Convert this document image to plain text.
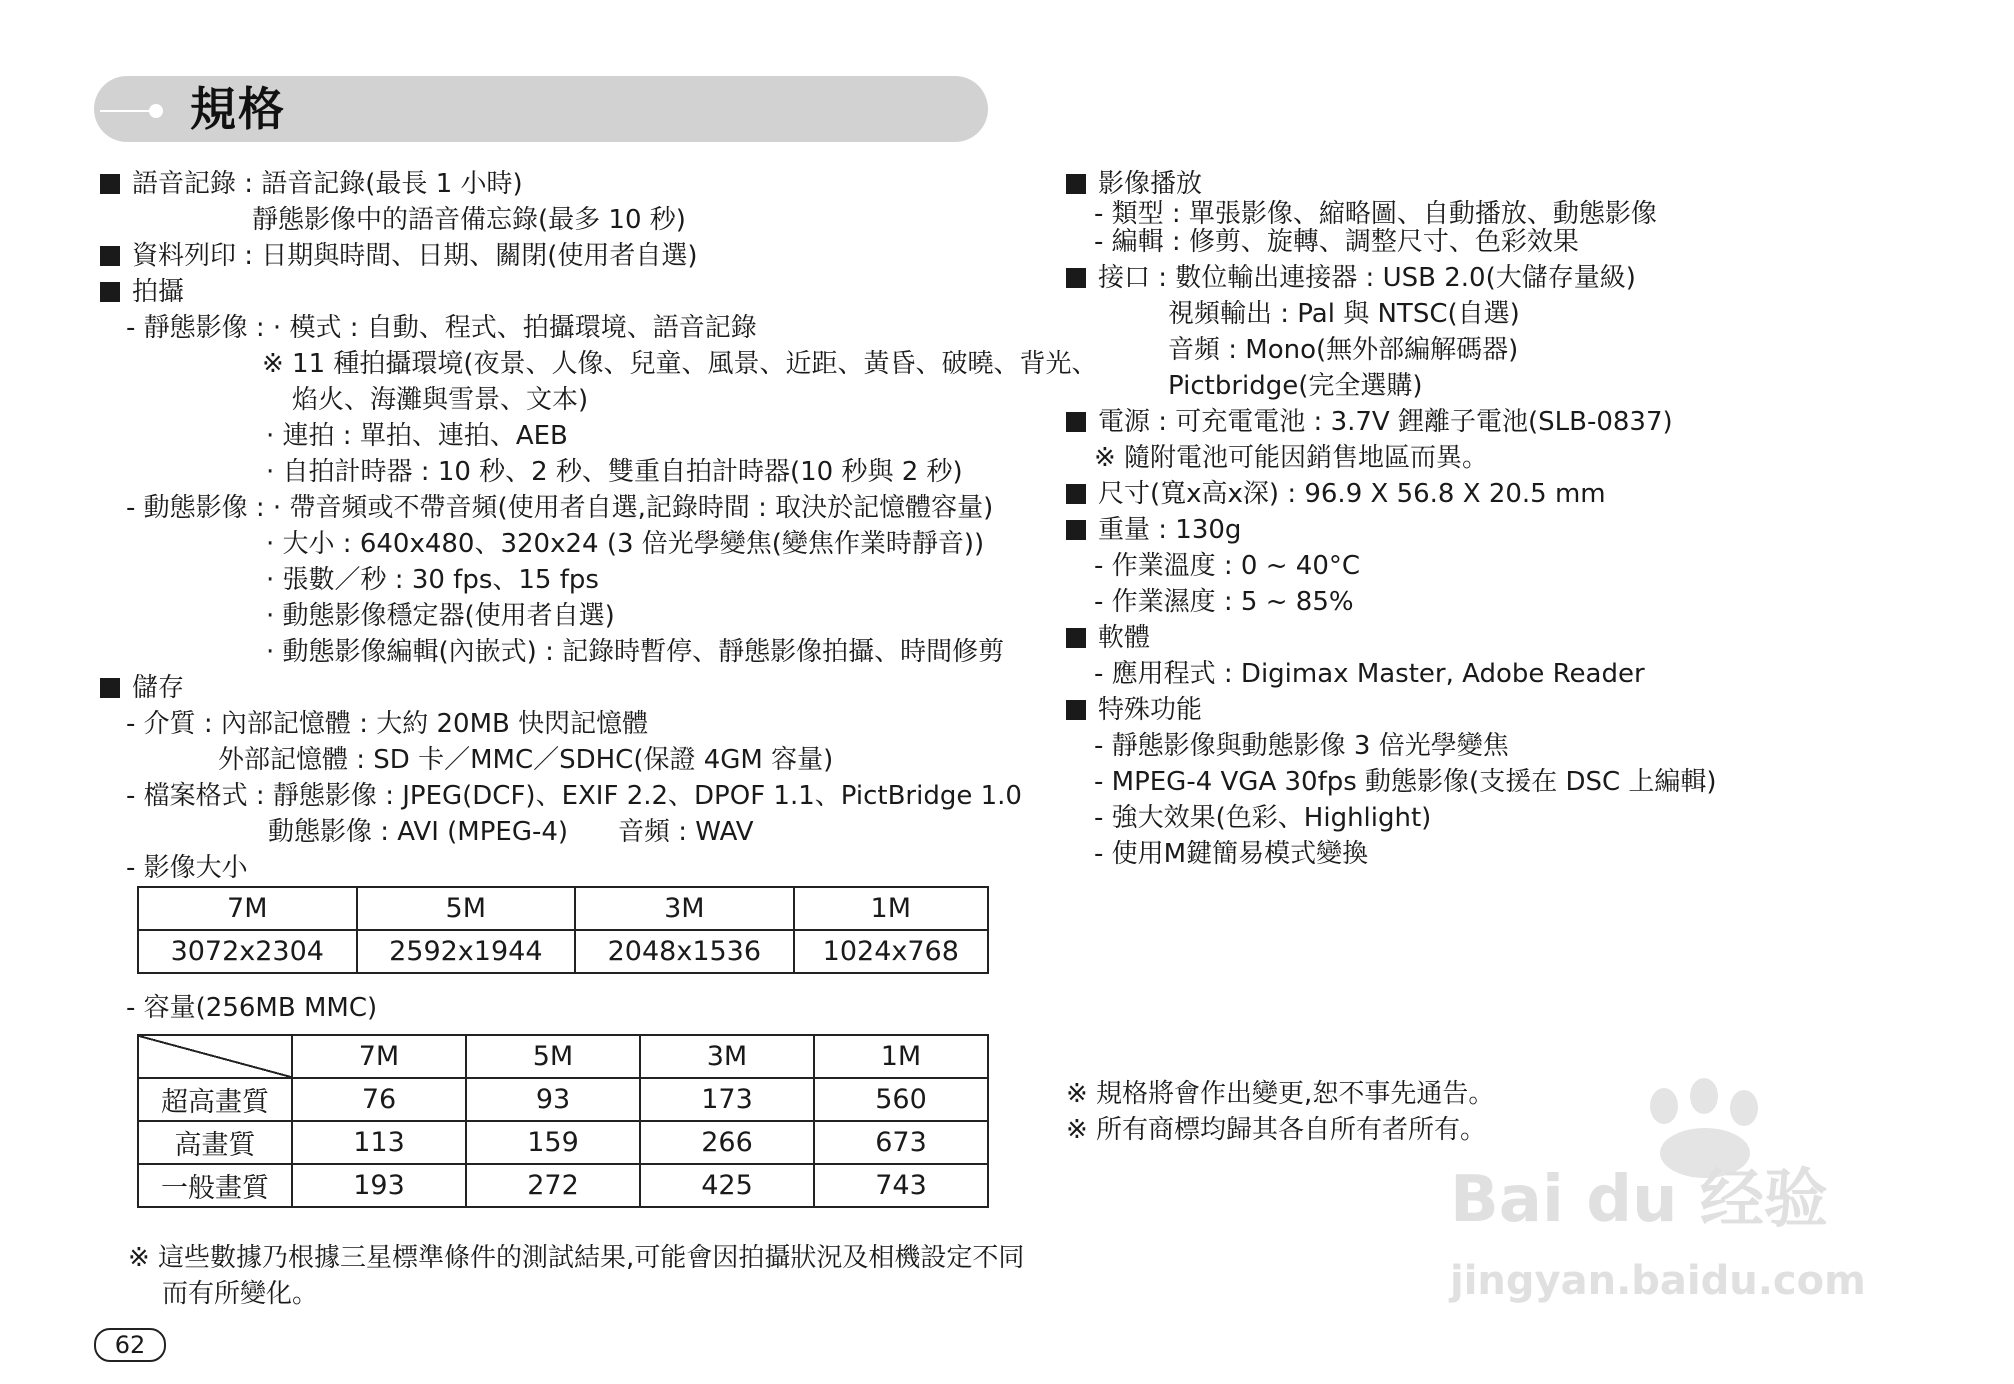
規格
語音記錄 : 語音記錄(最長 1 小時)
靜態影像中的語音備忘錄(最多 10 秒)
資料列印 : 日期與時間、日期、關閉(使用者自選)
拍攝
- 靜態影像 : · 模式 : 自動、程式、拍攝環境、語音記錄
※ 11 種拍攝環境(夜景、人像、兒童、風景、近距、黃昏、破曉、背光、
焰火、海灘與雪景、文本)
· 連拍 : 單拍、連拍、AEB
· 自拍計時器 : 10 秒、2 秒、雙重自拍計時器(10 秒與 2 秒)
- 動態影像 : · 帶音頻或不帶音頻(使用者自選,記錄時間 : 取決於記憶體容量)
· 大小 : 640x480、320x24 (3 倍光學變焦(變焦作業時靜音))
· 張數／秒 : 30 fps、15 fps
· 動態影像穩定器(使用者自選)
· 動態影像編輯(內嵌式) : 記錄時暫停、靜態影像拍攝、時間修剪
儲存
- 介質 : 內部記憶體 : 大約 20MB 快閃記憶體
外部記憶體 : SD 卡／MMC／SDHC(保證 4GM 容量)
- 檔案格式 : 靜態影像 : JPEG(DCF)、EXIF 2.2、DPOF 1.1、PictBridge 1.0
動態影像 : AVI (MPEG-4) 音頻 : WAV
- 影像大小
7M	5M	3M	1M
3072x2304	2592x1944	2048x1536	1024x768
- 容量(256MB MMC)
	7M	5M	3M	1M
超高畫質	76	93	173	560
高畫質	113	159	266	673
一般畫質	193	272	425	743
※ 這些數據乃根據三星標準條件的測試結果,可能會因拍攝狀況及相機設定不同
而有所變化。
62
影像播放
- 類型 : 單張影像、縮略圖、自動播放、動態影像
- 編輯 : 修剪、旋轉、調整尺寸、色彩效果
接口 : 數位輸出連接器 : USB 2.0(大儲存量級)
視頻輸出 : Pal 與 NTSC(自選)
音頻 : Mono(無外部編解碼器)
Pictbridge(完全選購)
電源 : 可充電電池 : 3.7V 鋰離子電池(SLB-0837)
※ 隨附電池可能因銷售地區而異。
尺寸(寬x高x深) : 96.9 X 56.8 X 20.5 mm
重量 : 130g
- 作業溫度 : 0 ~ 40°C
- 作業濕度 : 5 ~ 85%
軟體
- 應用程式 : Digimax Master, Adobe Reader
特殊功能
- 靜態影像與動態影像 3 倍光學變焦
- MPEG-4 VGA 30fps 動態影像(支援在 DSC 上編輯)
- 強大效果(色彩、Highlight)
- 使用M鍵簡易模式變換
※ 規格將會作出變更,恕不事先通告。
※ 所有商標均歸其各自所有者所有。
Bai du 经验
jingyan.baidu.com
